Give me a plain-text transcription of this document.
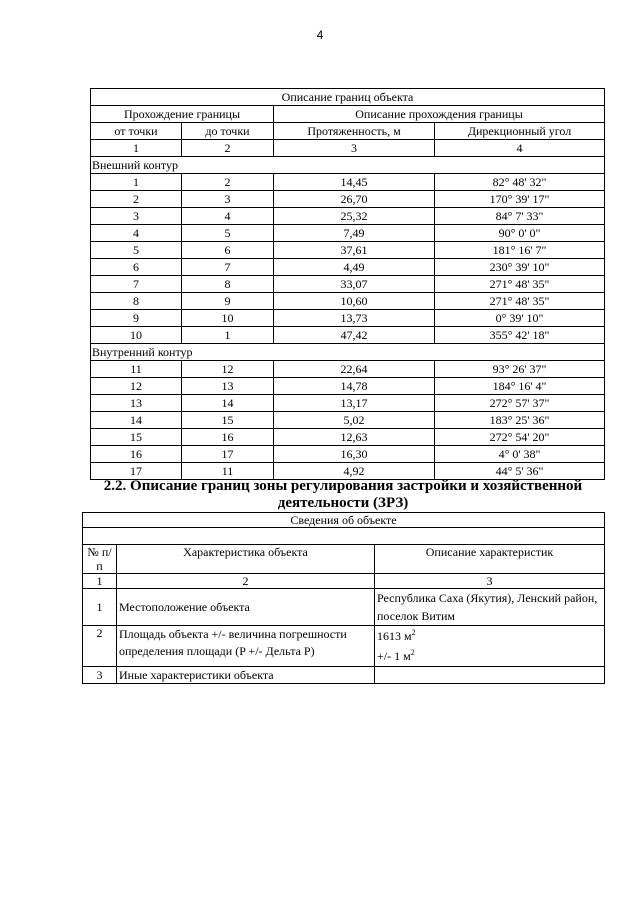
4
Описание границ объекта			
Прохождение границы		Описание прохождения границы	
от точки	до точки	Протяженность, м	Дирекционный угол
1	2	3	4
Внешний контур			
1	2	14,45	82° 48' 32"
2	3	26,70	170° 39' 17"
3	4	25,32	84° 7' 33"
4	5	7,49	90° 0' 0"
5	6	37,61	181° 16' 7"
6	7	4,49	230° 39' 10"
7	8	33,07	271° 48' 35"
8	9	10,60	271° 48' 35"
9	10	13,73	0° 39' 10"
10	1	47,42	355° 42' 18"
Внутренний контур			
11	12	22,64	93° 26' 37"
12	13	14,78	184° 16' 4"
13	14	13,17	272° 57' 37"
14	15	5,02	183° 25' 36"
15	16	12,63	272° 54' 20"
16	17	16,30	4° 0' 38"
17	11	4,92	44° 5' 36"
2.2. Описание границ зоны регулирования застройки и хозяйственной деятельности (ЗРЗ)
Сведения об объекте		

№ п/п	Характеристика объекта	Описание характеристик
1	2	3
1	Местоположение объекта	Республика Саха (Якутия), Ленский район, поселок Витим
2	Площадь объекта +/- величина погрешности определения площади (P +/- Дельта P)	1613 $м^2$
+/- 1 $м^2$

3	Иные характеристики объекта	
